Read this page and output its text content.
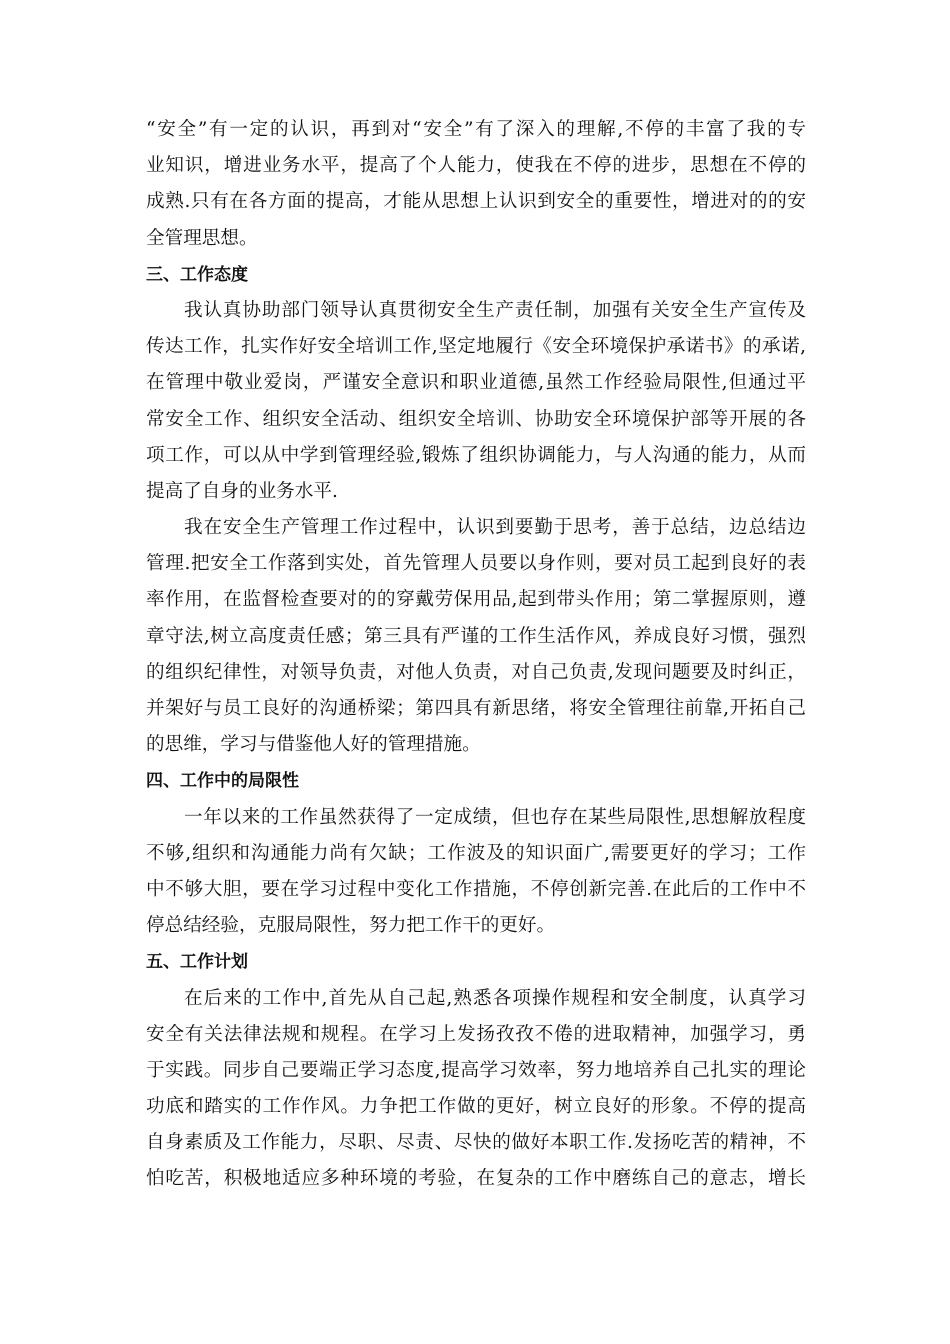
“安全”有一定的认识，再到对“安全”有了深入的理解,不停的丰富了我的专
业知识，增进业务水平，提高了个人能力，使我在不停的进步，思想在不停的
成熟.只有在各方面的提高，才能从思想上认识到安全的重要性，增进对的的安
全管理思想。
三、工作态度
我认真协助部门领导认真贯彻安全生产责任制，加强有关安全生产宣传及
传达工作，扎实作好安全培训工作,坚定地履行《安全环境保护承诺书》的承诺,
在管理中敬业爱岗，严谨安全意识和职业道德,虽然工作经验局限性,但通过平
常安全工作、组织安全活动、组织安全培训、协助安全环境保护部等开展的各
项工作，可以从中学到管理经验,锻炼了组织协调能力，与人沟通的能力，从而
提高了自身的业务水平.
我在安全生产管理工作过程中，认识到要勤于思考，善于总结，边总结边
管理.把安全工作落到实处，首先管理人员要以身作则，要对员工起到良好的表
率作用，在监督检查要对的的穿戴劳保用品,起到带头作用；第二掌握原则，遵
章守法,树立高度责任感；第三具有严谨的工作生活作风，养成良好习惯，强烈
的组织纪律性，对领导负责，对他人负责，对自己负责,发现问题要及时纠正，
并架好与员工良好的沟通桥梁；第四具有新思绪，将安全管理往前靠,开拓自己
的思维，学习与借鉴他人好的管理措施。
四、工作中的局限性
一年以来的工作虽然获得了一定成绩，但也存在某些局限性,思想解放程度
不够,组织和沟通能力尚有欠缺；工作波及的知识面广,需要更好的学习；工作
中不够大胆，要在学习过程中变化工作措施，不停创新完善.在此后的工作中不
停总结经验，克服局限性，努力把工作干的更好。
五、工作计划
在后来的工作中,首先从自己起,熟悉各项操作规程和安全制度，认真学习
安全有关法律法规和规程。在学习上发扬孜孜不倦的进取精神，加强学习，勇
于实践。同步自己要端正学习态度,提高学习效率，努力地培养自己扎实的理论
功底和踏实的工作作风。力争把工作做的更好，树立良好的形象。不停的提高
自身素质及工作能力，尽职、尽责、尽快的做好本职工作.发扬吃苦的精神，不
怕吃苦，积极地适应多种环境的考验，在复杂的工作中磨练自己的意志，增长
